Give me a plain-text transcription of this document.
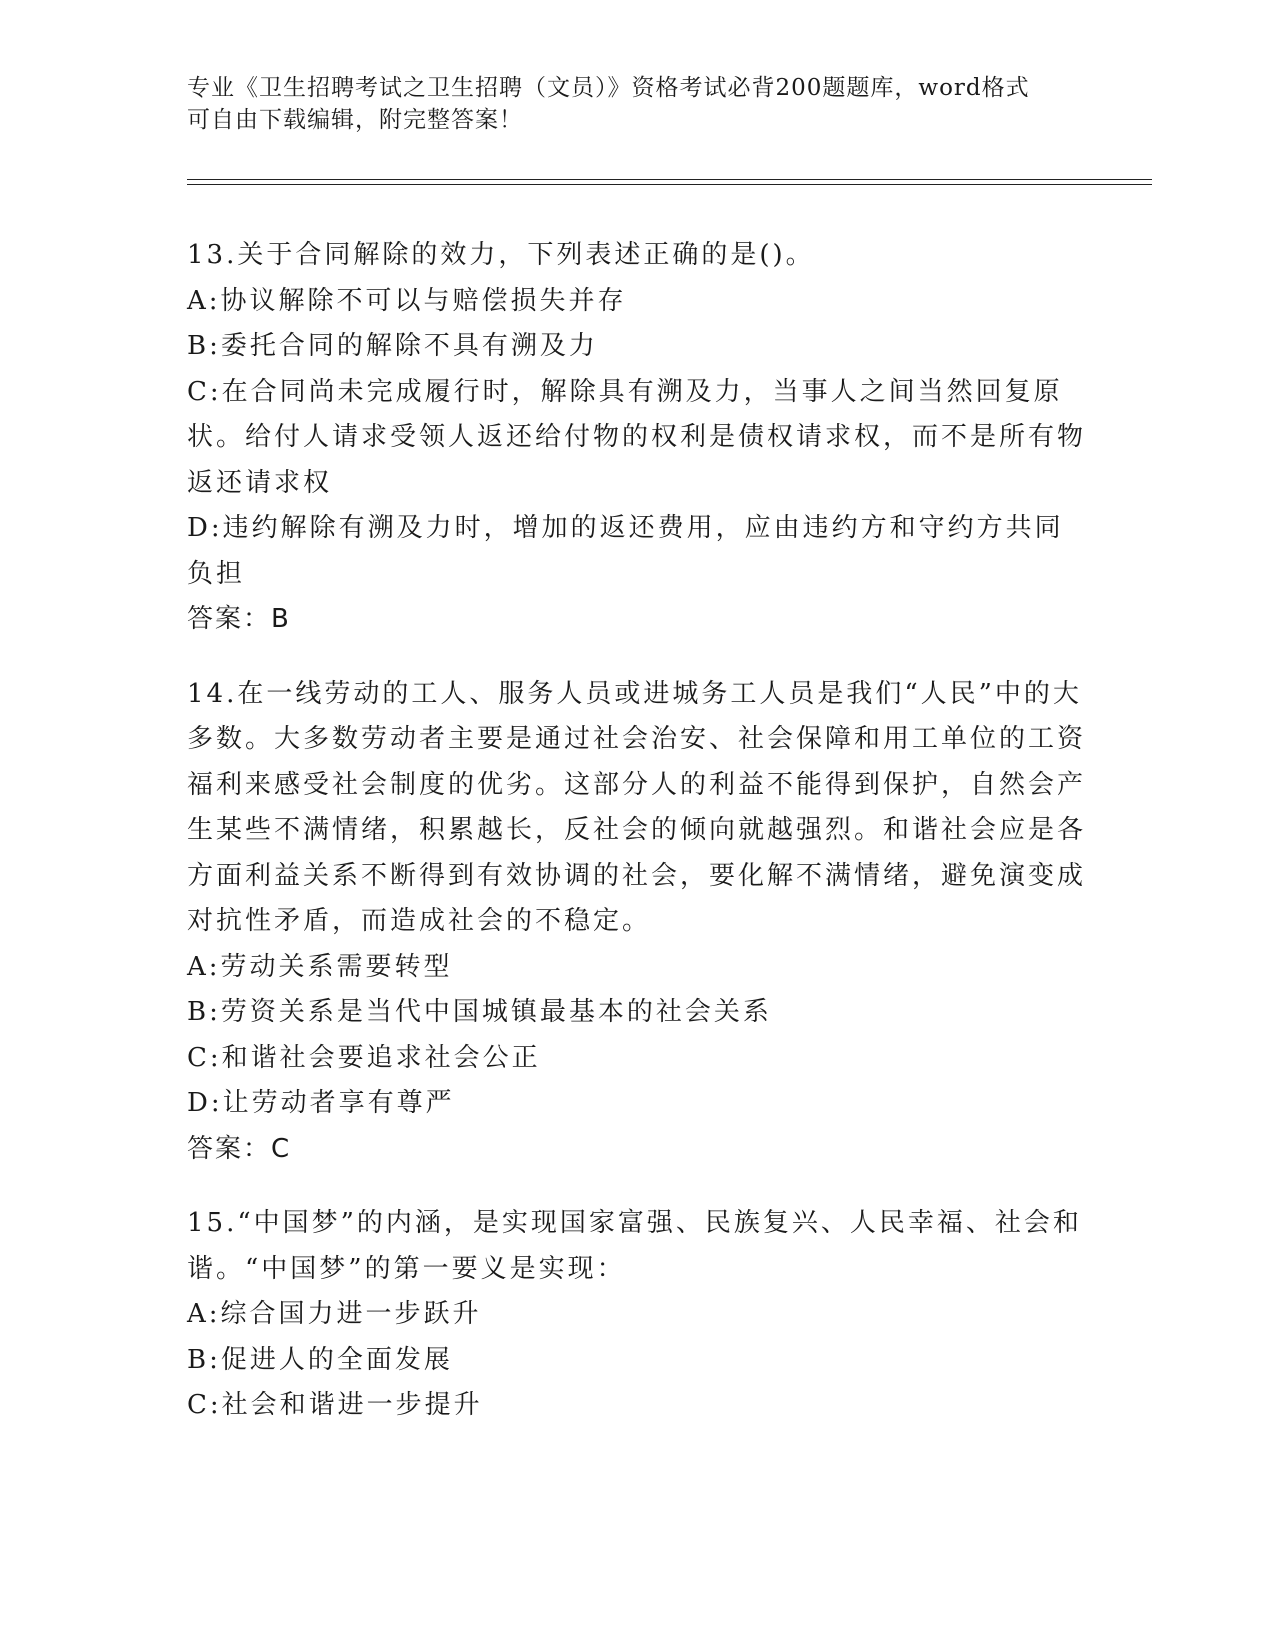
专业《卫生招聘考试之卫生招聘（文员）》资格考试必背200题题库，word格式
可自由下载编辑，附完整答案！

13.关于合同解除的效力，下列表述正确的是()。

A:协议解除不可以与赔偿损失并存

B:委托合同的解除不具有溯及力

C:在合同尚未完成履行时，解除具有溯及力，当事人之间当然回复原状。给付人请求受领人返还给付物的权利是债权请求权，而不是所有物返还请求权

D:违约解除有溯及力时，增加的返还费用，应由违约方和守约方共同负担

答案：B

14.在一线劳动的工人、服务人员或进城务工人员是我们“人民”中的大多数。大多数劳动者主要是通过社会治安、社会保障和用工单位的工资福利来感受社会制度的优劣。这部分人的利益不能得到保护，自然会产生某些不满情绪，积累越长，反社会的倾向就越强烈。和谐社会应是各方面利益关系不断得到有效协调的社会，要化解不满情绪，避免演变成对抗性矛盾，而造成社会的不稳定。

A:劳动关系需要转型

B:劳资关系是当代中国城镇最基本的社会关系

C:和谐社会要追求社会公正

D:让劳动者享有尊严

答案：C

15.“中国梦”的内涵，是实现国家富强、民族复兴、人民幸福、社会和谐。“中国梦”的第一要义是实现：

A:综合国力进一步跃升

B:促进人的全面发展

C:社会和谐进一步提升
